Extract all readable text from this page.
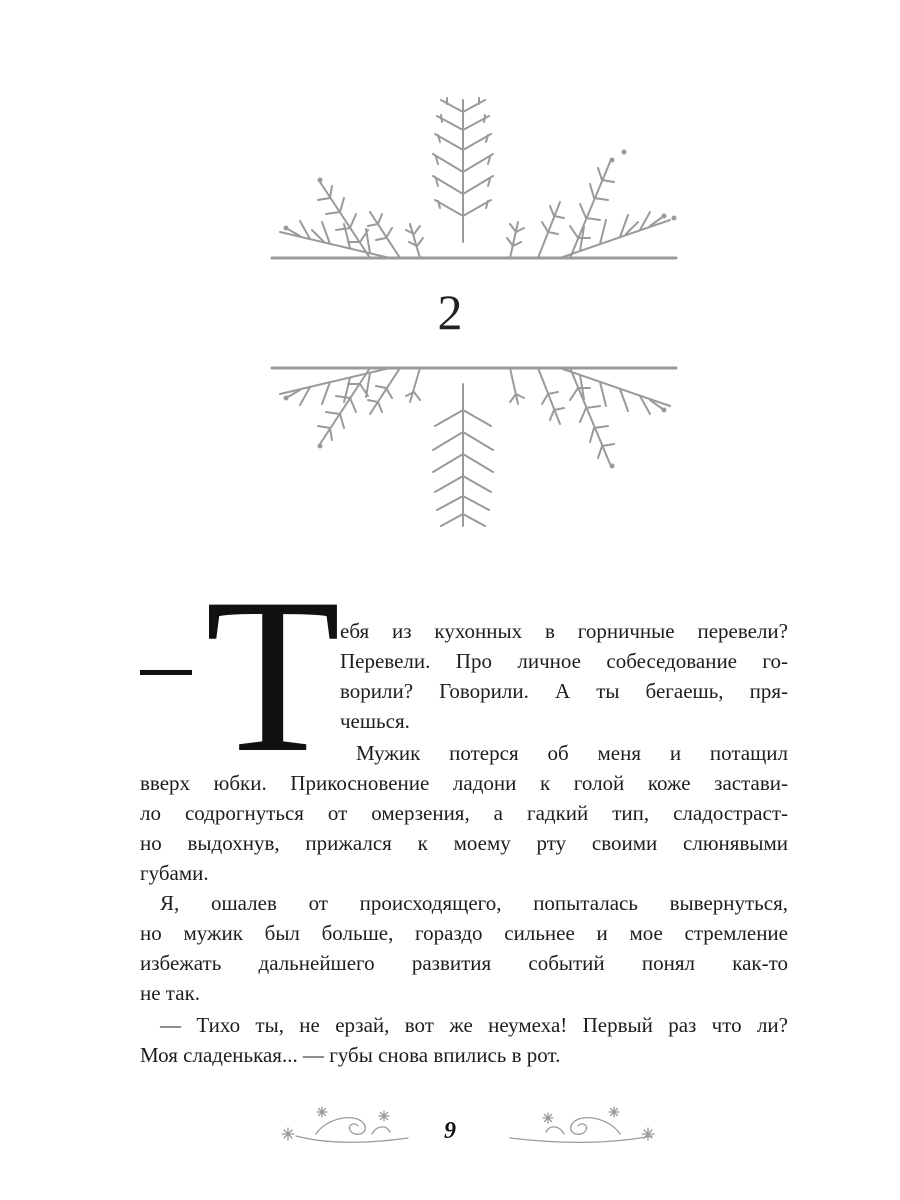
2
Т ебя из кухонных в горничные перевели?
Перевели. Про личное собеседование го-
ворили? Говорили. А ты бегаешь, пря-
чешься.
Мужик потерся об меня и потащил
вверх юбки. Прикосновение ладони к голой коже застави-
ло содрогнуться от омерзения, а гадкий тип, сладостраст-
но выдохнув, прижался к моему рту своими слюнявыми
губами.
Я, ошалев от происходящего, попыталась вывернуться,
но мужик был больше, гораздо сильнее и мое стремление
избежать дальнейшего развития событий понял как-то
не так.
— Тихо ты, не ерзай, вот же неумеха! Первый раз что ли?
Моя сладенькая... — губы снова впились в рот.
9
